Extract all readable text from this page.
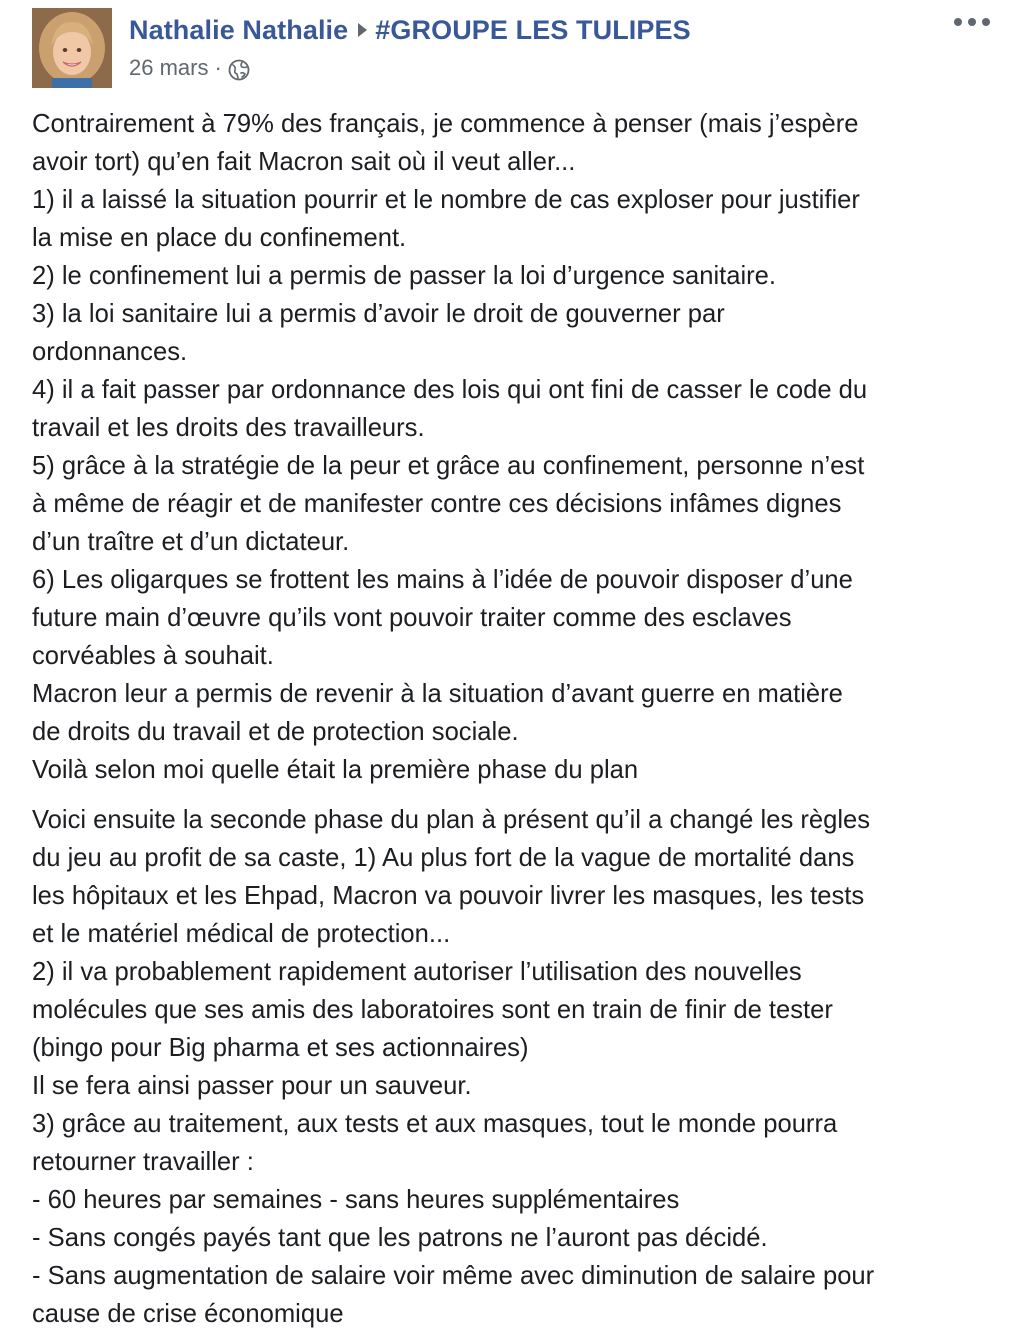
Nathalie Nathalie #GROUPE LES TULIPES
26 mars ·
Contrairement à 79% des français, je commence à penser (mais j’espère
avoir tort) qu’en fait Macron sait où il veut aller...
1) il a laissé la situation pourrir et le nombre de cas exploser pour justifier
la mise en place du confinement.
2) le confinement lui a permis de passer la loi d’urgence sanitaire.
3) la loi sanitaire lui a permis d’avoir le droit de gouverner par
ordonnances.
4) il a fait passer par ordonnance des lois qui ont fini de casser le code du
travail et les droits des travailleurs.
5) grâce à la stratégie de la peur et grâce au confinement, personne n’est
à même de réagir et de manifester contre ces décisions infâmes dignes
d’un traître et d’un dictateur.
6) Les oligarques se frottent les mains à l’idée de pouvoir disposer d’une
future main d’œuvre qu’ils vont pouvoir traiter comme des esclaves
corvéables à souhait.
Macron leur a permis de revenir à la situation d’avant guerre en matière
de droits du travail et de protection sociale.
Voilà selon moi quelle était la première phase du plan
Voici ensuite la seconde phase du plan à présent qu’il a changé les règles
du jeu au profit de sa caste, 1) Au plus fort de la vague de mortalité dans
les hôpitaux et les Ehpad, Macron va pouvoir livrer les masques, les tests
et le matériel médical de protection...
2) il va probablement rapidement autoriser l’utilisation des nouvelles
molécules que ses amis des laboratoires sont en train de finir de tester
(bingo pour Big pharma et ses actionnaires)
Il se fera ainsi passer pour un sauveur.
3) grâce au traitement, aux tests et aux masques, tout le monde pourra
retourner travailler :
- 60 heures par semaines - sans heures supplémentaires
- Sans congés payés tant que les patrons ne l’auront pas décidé.
- Sans augmentation de salaire voir même avec diminution de salaire pour
cause de crise économique
